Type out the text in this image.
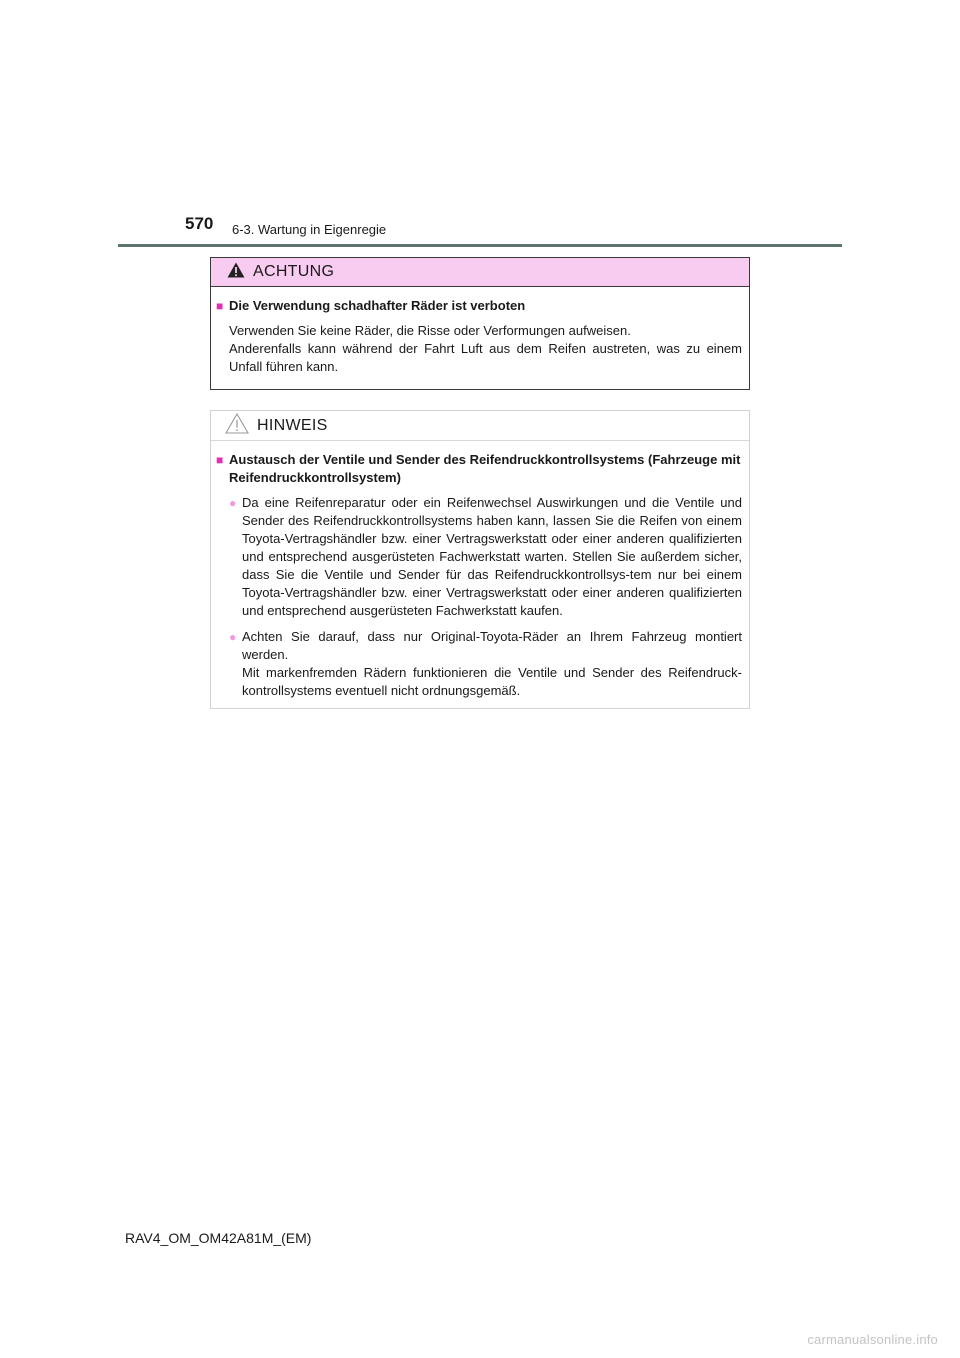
570 6-3. Wartung in Eigenregie
ACHTUNG
■ Die Verwendung schadhafter Räder ist verboten
Verwenden Sie keine Räder, die Risse oder Verformungen aufweisen.
Anderenfalls kann während der Fahrt Luft aus dem Reifen austreten, was zu einem Unfall führen kann.
HINWEIS
■ Austausch der Ventile und Sender des Reifendruckkontrollsystems (Fahrzeuge mit Reifendruckkontrollsystem)
● Da eine Reifenreparatur oder ein Reifenwechsel Auswirkungen und die Ventile und Sender des Reifendruckkontrollsystems haben kann, lassen Sie die Reifen von einem Toyota-Vertragshändler bzw. einer Vertragswerkstatt oder einer anderen qualifizierten und entsprechend ausgerüsteten Fachwerkstatt warten. Stellen Sie außerdem sicher, dass Sie die Ventile und Sender für das Reifendruckkontrollsys-tem nur bei einem Toyota-Vertragshändler bzw. einer Vertragswerkstatt oder einer anderen qualifizierten und entsprechend ausgerüsteten Fachwerkstatt kaufen.
● Achten Sie darauf, dass nur Original-Toyota-Räder an Ihrem Fahrzeug montiert werden.
Mit markenfremden Rädern funktionieren die Ventile und Sender des Reifendruck-kontrollsystems eventuell nicht ordnungsgemäß.
RAV4_OM_OM42A81M_(EM)
carmanualsonline.info
